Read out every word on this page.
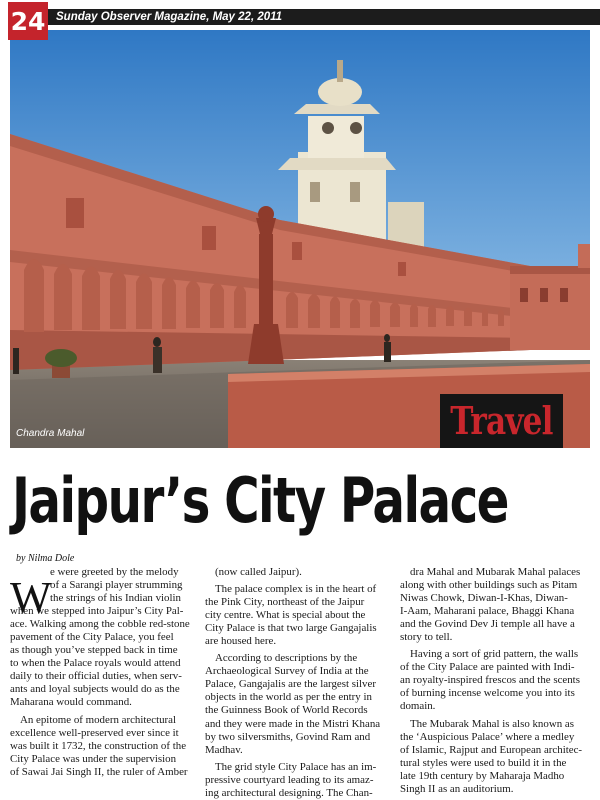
24 Sunday Observer Magazine, May 22, 2011
Chandra Mahal	Travel
Jaipur’s City Palace
by Nilma Dole
W
e were greeted by the melody
of a Sarangi player strumming
the strings of his Indian violin
when we stepped into Jaipur’s City Pal-
ace. Walking among the cobble red-stone
pavement of the City Palace, you feel
as though you’ve stepped back in time
to when the Palace royals would attend
daily to their official duties, when serv-
ants and loyal subjects would do as the
Maharana would command.
An epitome of modern architectural
excellence well-preserved ever since it
was built it 1732, the construction of the
City Palace was under the supervision
of Sawai Jai Singh II, the ruler of Amber
(now called Jaipur).
The palace complex is in the heart of
the Pink City, northeast of the Jaipur
city centre. What is special about the
City Palace is that two large Gangajalis
are housed here.
According to descriptions by the
Archaeological Survey of India at the
Palace, Gangajalis are the largest silver
objects in the world as per the entry in
the Guinness Book of World Records
and they were made in the Mistri Khana
by two silversmiths, Govind Ram and
Madhav.
The grid style City Palace has an im-
pressive courtyard leading to its amaz-
ing architectural designing. The Chan-
dra Mahal and Mubarak Mahal palaces
along with other buildings such as Pitam
Niwas Chowk, Diwan-I-Khas, Diwan-
I-Aam, Maharani palace, Bhaggi Khana
and the Govind Dev Ji temple all have a
story to tell.
Having a sort of grid pattern, the walls
of the City Palace are painted with Indi-
an royalty-inspired frescos and the scents
of burning incense welcome you into its
domain.
The Mubarak Mahal is also known as
the ‘Auspicious Palace’ where a medley
of Islamic, Rajput and European architec-
tural styles were used to build it in the
late 19th century by Maharaja Madho
Singh II as an auditorium.
